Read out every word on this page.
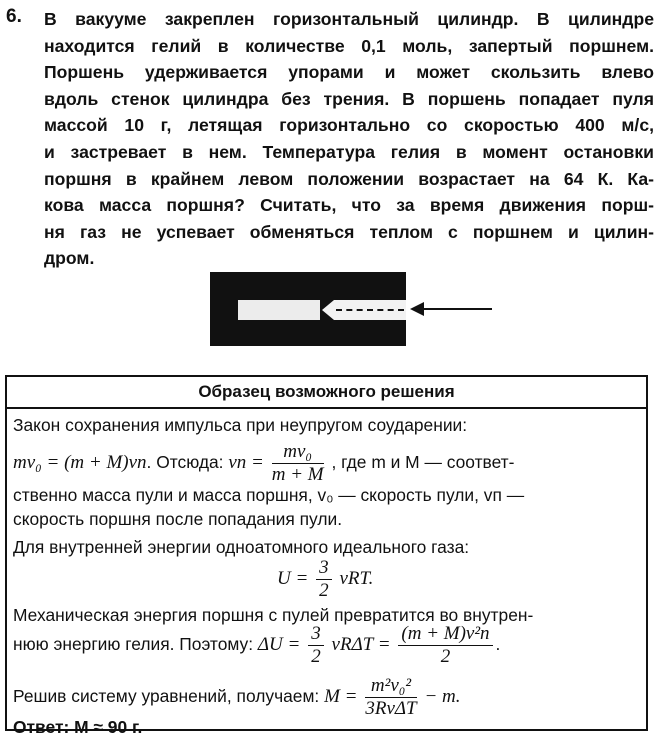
6. В вакууме закреплен горизонтальный цилиндр. В цилиндре
находится гелий в количестве 0,1 моль, запертый поршнем.
Поршень удерживается упорами и может скользить влево
вдоль стенок цилиндра без трения. В поршень попадает пуля
массой 10 г, летящая горизонтально со скоростью 400 м/с,
и застревает в нем. Температура гелия в момент остановки
поршня в крайнем левом положении возрастает на 64 К. Ка-
кова масса поршня? Считать, что за время движения порш-
ня газ не успевает обменяться теплом с поршнем и цилин-
дром.
Образец возможного решения
Закон сохранения импульса при неупругом соударении:
mv₀ = (m + M)vп. Отсюда: vп = $\frac{\text{mv₀}}{m + M}$ , где m и M — соответ-
ственно масса пули и масса поршня, v₀ — скорость пули, vп —
скорость поршня после попадания пули.
Для внутренней энергии одноатомного идеального газа:
$U = \frac{3}{2} \nu RT$.
Механическая энергия поршня с пулей превратится во внутрен-
нюю энергию гелия. Поэтому: $\Delta U = \frac{3}{2}$ $\nu R\Delta T = \frac{\text{(m + M)v²п}}{2}$ .
Решив систему уравнений, получаем: $M = \frac{\text{m²v₀²}}{\text{3RνΔT}} - m$.
Ответ: M ≈ 90 г.
